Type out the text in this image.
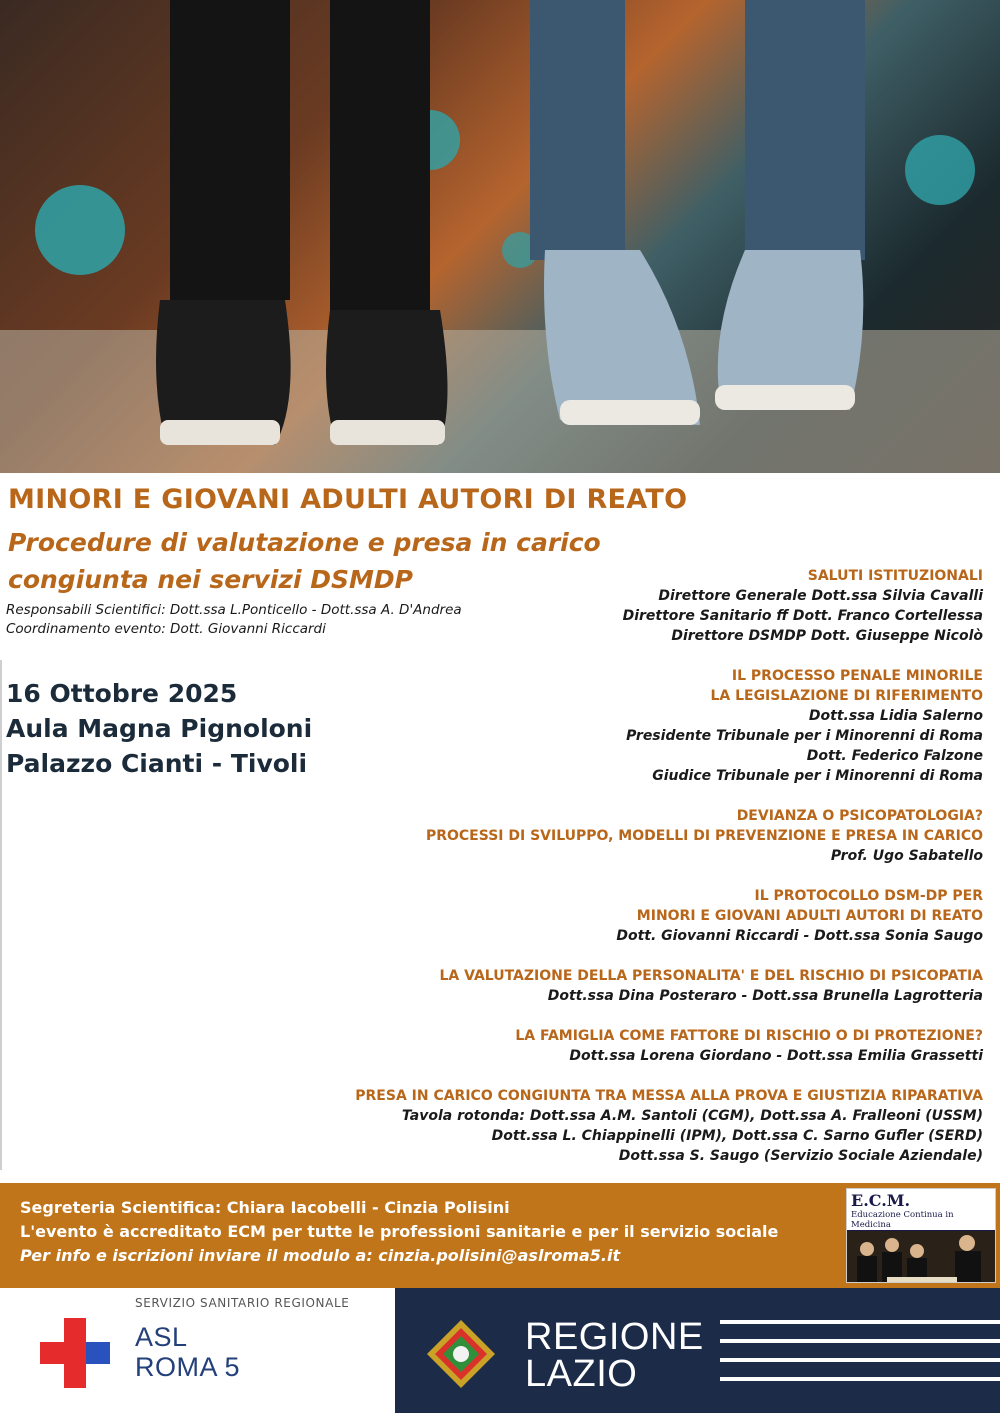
MINORI E GIOVANI ADULTI AUTORI DI REATO
Procedure di valutazione e presa in carico
congiunta nei servizi DSMDP
Responsabili Scientifici: Dott.ssa L.Ponticello - Dott.ssa A. D'Andrea
Coordinamento evento: Dott. Giovanni Riccardi
16 Ottobre 2025
Aula Magna Pignoloni
Palazzo Cianti - Tivoli
SALUTI ISTITUZIONALI
Direttore Generale Dott.ssa Silvia Cavalli
Direttore Sanitario ff Dott. Franco Cortellessa
Direttore DSMDP Dott. Giuseppe Nicolò
IL PROCESSO PENALE MINORILE
LA LEGISLAZIONE DI RIFERIMENTO
Dott.ssa Lidia Salerno
Presidente Tribunale per i Minorenni di Roma
Dott. Federico Falzone
Giudice Tribunale per i Minorenni di Roma
DEVIANZA O PSICOPATOLOGIA?
PROCESSI DI SVILUPPO, MODELLI DI PREVENZIONE E PRESA IN CARICO
Prof. Ugo Sabatello
IL PROTOCOLLO DSM-DP PER
MINORI E GIOVANI ADULTI AUTORI DI REATO
Dott. Giovanni Riccardi - Dott.ssa Sonia Saugo
LA VALUTAZIONE DELLA PERSONALITA' E DEL RISCHIO DI PSICOPATIA
Dott.ssa Dina Posteraro - Dott.ssa Brunella Lagrotteria
LA FAMIGLIA COME FATTORE DI RISCHIO O DI PROTEZIONE?
Dott.ssa Lorena Giordano - Dott.ssa Emilia Grassetti
PRESA IN CARICO CONGIUNTA TRA MESSA ALLA PROVA E GIUSTIZIA RIPARATIVA
Tavola rotonda: Dott.ssa A.M. Santoli (CGM), Dott.ssa A. Fralleoni (USSM)
Dott.ssa L. Chiappinelli (IPM), Dott.ssa C. Sarno Gufler (SERD)
Dott.ssa S. Saugo (Servizio Sociale Aziendale)
Segreteria Scientifica: Chiara Iacobelli - Cinzia Polisini
L'evento è accreditato ECM per tutte le professioni sanitarie e per il servizio sociale
Per info e iscrizioni inviare il modulo a: cinzia.polisini@aslroma5.it
E.C.M.
Educazione Continua in Medicina
SERVIZIO SANITARIO REGIONALE
ASL
ROMA 5
REGIONE
LAZIO
